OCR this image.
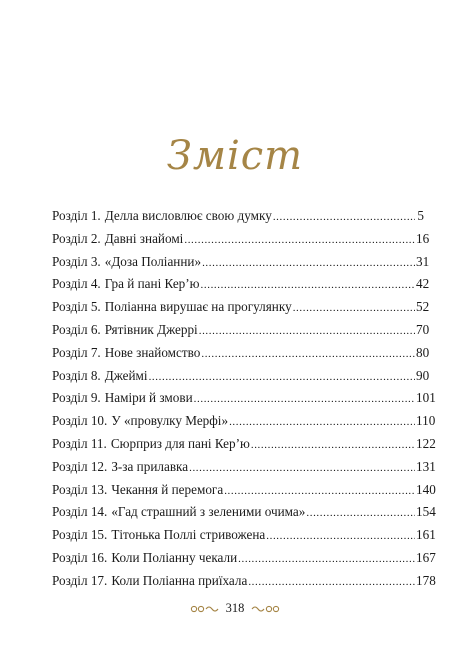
Зміст
Розділ 1. Делла висловлює свою думку .....	5
Розділ 2. Давні знайомі .....	16
Розділ 3. «Доза Поліанни» .....	31
Розділ 4. Гра й пані Кер’ю .....	42
Розділ 5. Поліанна вирушає на прогулянку .....	52
Розділ 6. Рятівник Джеррі .....	70
Розділ 7. Нове знайомство .....	80
Розділ 8. Джеймі .....	90
Розділ 9. Наміри й змови .....	101
Розділ 10. У «провулку Мерфі» .....	110
Розділ 11. Сюрприз для пані Кер’ю .....	122
Розділ 12. З-за прилавка .....	131
Розділ 13. Чекання й перемога .....	140
Розділ 14. «Гад страшний з зеленими очима» .....	154
Розділ 15. Тітонька Поллі стривожена .....	161
Розділ 16. Коли Поліанну чекали .....	167
Розділ 17. Коли Поліанна приїхала .....	178
318
